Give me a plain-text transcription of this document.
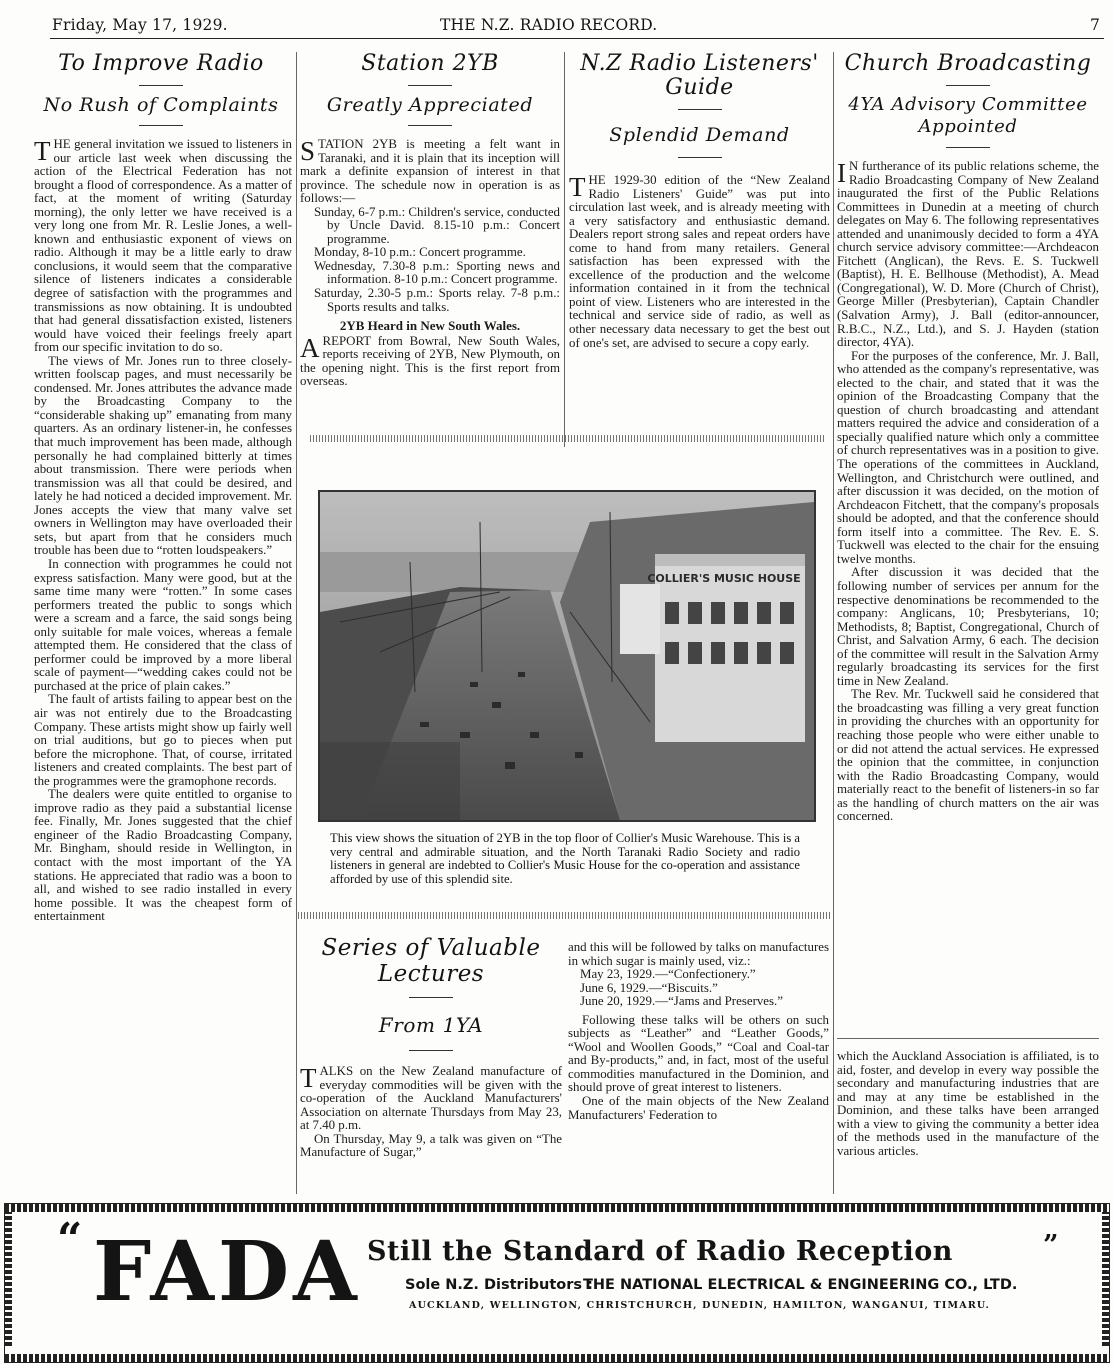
Friday, May 17, 1929.	THE N.Z. RADIO RECORD.	7
To Improve Radio
No Rush of Complaints

THE general invitation we issued to listeners in our article last week when discussing the action of the Electrical Federation has not brought a flood of correspondence. As a matter of fact, at the moment of writing (Saturday morning), the only letter we have received is a very long one from Mr. R. Leslie Jones, a well-known and enthusiastic exponent of views on radio. Although it may be a little early to draw conclusions, it would seem that the comparative silence of listeners indicates a considerable degree of satisfaction with the programmes and transmissions as now obtaining. It is undoubted that had general dissatisfaction existed, listeners would have voiced their feelings freely apart from our specific invitation to do so.

The views of Mr. Jones run to three closely-written foolscap pages, and must necessarily be condensed. Mr. Jones attributes the advance made by the Broadcasting Company to the “considerable shaking up” emanating from many quarters. As an ordinary listener-in, he confesses that much improvement has been made, although personally he had complained bitterly at times about transmission. There were periods when transmission was all that could be desired, and lately he had noticed a decided improvement. Mr. Jones accepts the view that many valve set owners in Wellington may have overloaded their sets, but apart from that he considers much trouble has been due to “rotten loudspeakers.”

In connection with programmes he could not express satisfaction. Many were good, but at the same time many were “rotten.” In some cases performers treated the public to songs which were a scream and a farce, the said songs being only suitable for male voices, whereas a female attempted them. He considered that the class of performer could be improved by a more liberal scale of payment—“wedding cakes could not be purchased at the price of plain cakes.”

The fault of artists failing to appear best on the air was not entirely due to the Broadcasting Company. These artists might show up fairly well on trial auditions, but go to pieces when put before the microphone. That, of course, irritated listeners and created complaints. The best part of the programmes were the gramophone records.

The dealers were quite entitled to organise to improve radio as they paid a substantial license fee. Finally, Mr. Jones suggested that the chief engineer of the Radio Broadcasting Company, Mr. Bingham, should reside in Wellington, in contact with the most important of the YA stations. He appreciated that radio was a boon to all, and wished to see radio installed in every home possible. It was the cheapest form of entertainment

Station 2YB
Greatly Appreciated

STATION 2YB is meeting a felt want in Taranaki, and it is plain that its inception will mark a definite expansion of interest in that province. The schedule now in operation is as follows:—

Sunday, 6-7 p.m.: Children's service, conducted by Uncle David. 8.15-10 p.m.: Concert programme.

Monday, 8-10 p.m.: Concert programme.

Wednesday, 7.30-8 p.m.: Sporting news and information. 8-10 p.m.: Concert programme.

Saturday, 2.30-5 p.m.: Sports relay. 7-8 p.m.: Sports results and talks.

2YB Heard in New South Wales.

AREPORT from Bowral, New South Wales, reports receiving of 2YB, New Plymouth, on the opening night. This is the first report from overseas.

N.Z Radio Listeners' Guide
Splendid Demand

THE 1929-30 edition of the “New Zealand Radio Listeners' Guide” was put into circulation last week, and is already meeting with a very satisfactory and enthusiastic demand. Dealers report strong sales and repeat orders have come to hand from many retailers. General satisfaction has been expressed with the excellence of the production and the welcome information contained in it from the technical point of view. Listeners who are interested in the technical and service side of radio, as well as other necessary data necessary to get the best out of one's set, are advised to secure a copy early.

Church Broadcasting
4YA Advisory Committee Appointed

IN furtherance of its public relations scheme, the Radio Broadcasting Company of New Zealand inaugurated the first of the Public Relations Committees in Dunedin at a meeting of church delegates on May 6. The following representatives attended and unanimously decided to form a 4YA church service advisory committee:—Archdeacon Fitchett (Anglican), the Revs. E. S. Tuckwell (Baptist), H. E. Bellhouse (Methodist), A. Mead (Congregational), W. D. More (Church of Christ), George Miller (Presbyterian), Captain Chandler (Salvation Army), J. Ball (editor-announcer, R.B.C., N.Z., Ltd.), and S. J. Hayden (station director, 4YA).

For the purposes of the conference, Mr. J. Ball, who attended as the company's representative, was elected to the chair, and stated that it was the opinion of the Broadcasting Company that the question of church broadcasting and attendant matters required the advice and consideration of a specially qualified nature which only a committee of church representatives was in a position to give. The operations of the committees in Auckland, Wellington, and Christchurch were outlined, and after discussion it was decided, on the motion of Archdeacon Fitchett, that the company's proposals should be adopted, and that the conference should form itself into a committee. The Rev. E. S. Tuckwell was elected to the chair for the ensuing twelve months.

After discussion it was decided that the following number of services per annum for the respective denominations be recommended to the company: Anglicans, 10; Presbyterians, 10; Methodists, 8; Baptist, Congregational, Church of Christ, and Salvation Army, 6 each. The decision of the committee will result in the Salvation Army regularly broadcasting its services for the first time in New Zealand.

The Rev. Mr. Tuckwell said he considered that the broadcasting was filling a very great function in providing the churches with an opportunity for reaching those people who were either unable to or did not attend the actual services. He expressed the opinion that the committee, in conjunction with the Radio Broadcasting Company, would materially react to the benefit of listeners-in so far as the handling of church matters on the air was concerned.

COLLIER'S MUSIC HOUSE
This view shows the situation of 2YB in the top floor of Collier's Music Warehouse. This is a very central and admirable situation, and the North Taranaki Radio Society and radio listeners in general are indebted to Collier's Music House for the co-operation and assistance afforded by use of this splendid site.
Series of Valuable Lectures
From 1YA

TALKS on the New Zealand manufacture of everyday commodities will be given with the co-operation of the Auckland Manufacturers' Association on alternate Thursdays from May 23, at 7.40 p.m.

On Thursday, May 9, a talk was given on “The Manufacture of Sugar,”

and this will be followed by talks on manufactures in which sugar is mainly used, viz.:

May 23, 1929.—“Confectionery.”

June 6, 1929.—“Biscuits.”

June 20, 1929.—“Jams and Preserves.”

Following these talks will be others on such subjects as “Leather” and “Leather Goods,” “Wool and Woollen Goods,” “Coal and Coal-tar and By-products,” and, in fact, most of the useful commodities manufactured in the Dominion, and should prove of great interest to listeners.

One of the main objects of the New Zealand Manufacturers' Federation to

which the Auckland Association is affiliated, is to aid, foster, and develop in every way possible the secondary and manufacturing industries that are and may at any time be established in the Dominion, and these talks have been arranged with a view to giving the community a better idea of the methods used in the manufacture of the various articles.

“ FADA Still the Standard of Radio Reception	”
Sole N.Z. Distributors :
THE NATIONAL ELECTRICAL & ENGINEERING CO., LTD.
AUCKLAND, WELLINGTON, CHRISTCHURCH, DUNEDIN, HAMILTON, WANGANUI, TIMARU.
